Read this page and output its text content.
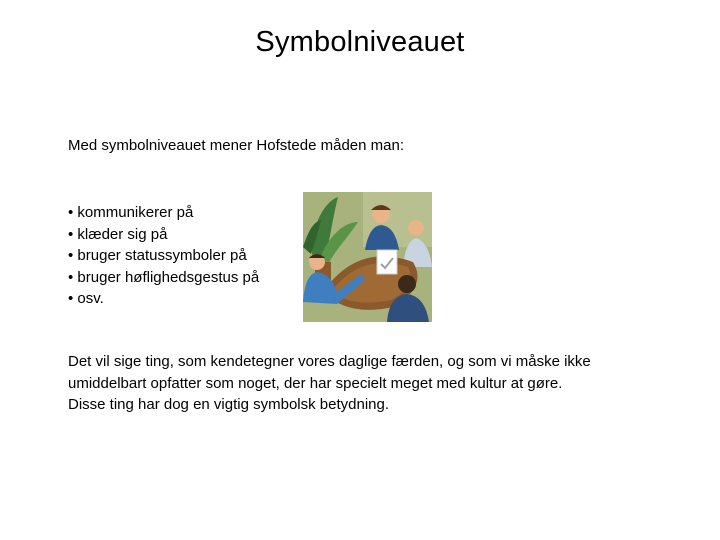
Symbolniveauet
Med symbolniveauet mener Hofstede måden man:
• kommunikerer på
• klæder sig på
• bruger statussymboler på
• bruger høflighedsgestus på
• osv.

Det vil sige ting, som kendetegner vores daglige færden, og som vi måske ikke
umiddelbart opfatter som noget, der har specielt meget med kultur at gøre.
Disse ting har dog en vigtig symbolsk betydning.
